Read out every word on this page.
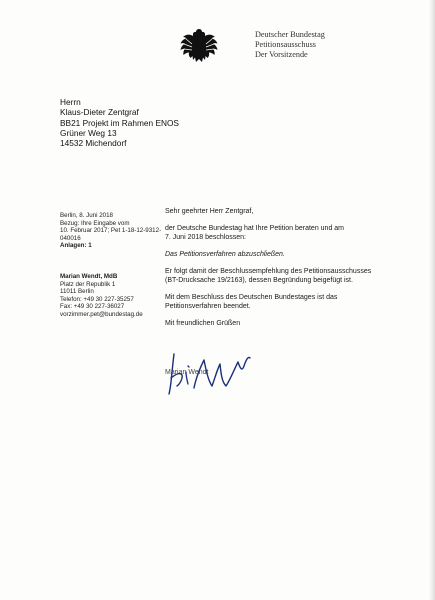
Deutscher Bundestag
Petitionsausschuss
Der Vorsitzende
Herrn
Klaus-Dieter Zentgraf
BB21 Projekt im Rahmen ENOS
Grüner Weg 13
14532 Michendorf
Berlin, 8. Juni 2018
Bezug: Ihre Eingabe vom
10. Februar 2017; Pet 1-18-12-9312-
040016
Anlagen: 1
Marian Wendt, MdB
Platz der Republik 1
11011 Berlin
Telefon: +49 30 227-35257
Fax: +49 30 227-36027
vorzimmer.pet@bundestag.de

Sehr geehrter Herr Zentgraf,

der Deutsche Bundestag hat Ihre Petition beraten und am

7. Juni 2018 beschlossen:

Das Petitionsverfahren abzuschließen.

Er folgt damit der Beschlussempfehlung des Petitionsausschusses

(BT-Drucksache 19/2163), dessen Begründung beigefügt ist.

Mit dem Beschluss des Deutschen Bundestages ist das

Petitionsverfahren beendet.

Mit freundlichen Grüßen

Marian Wendt
